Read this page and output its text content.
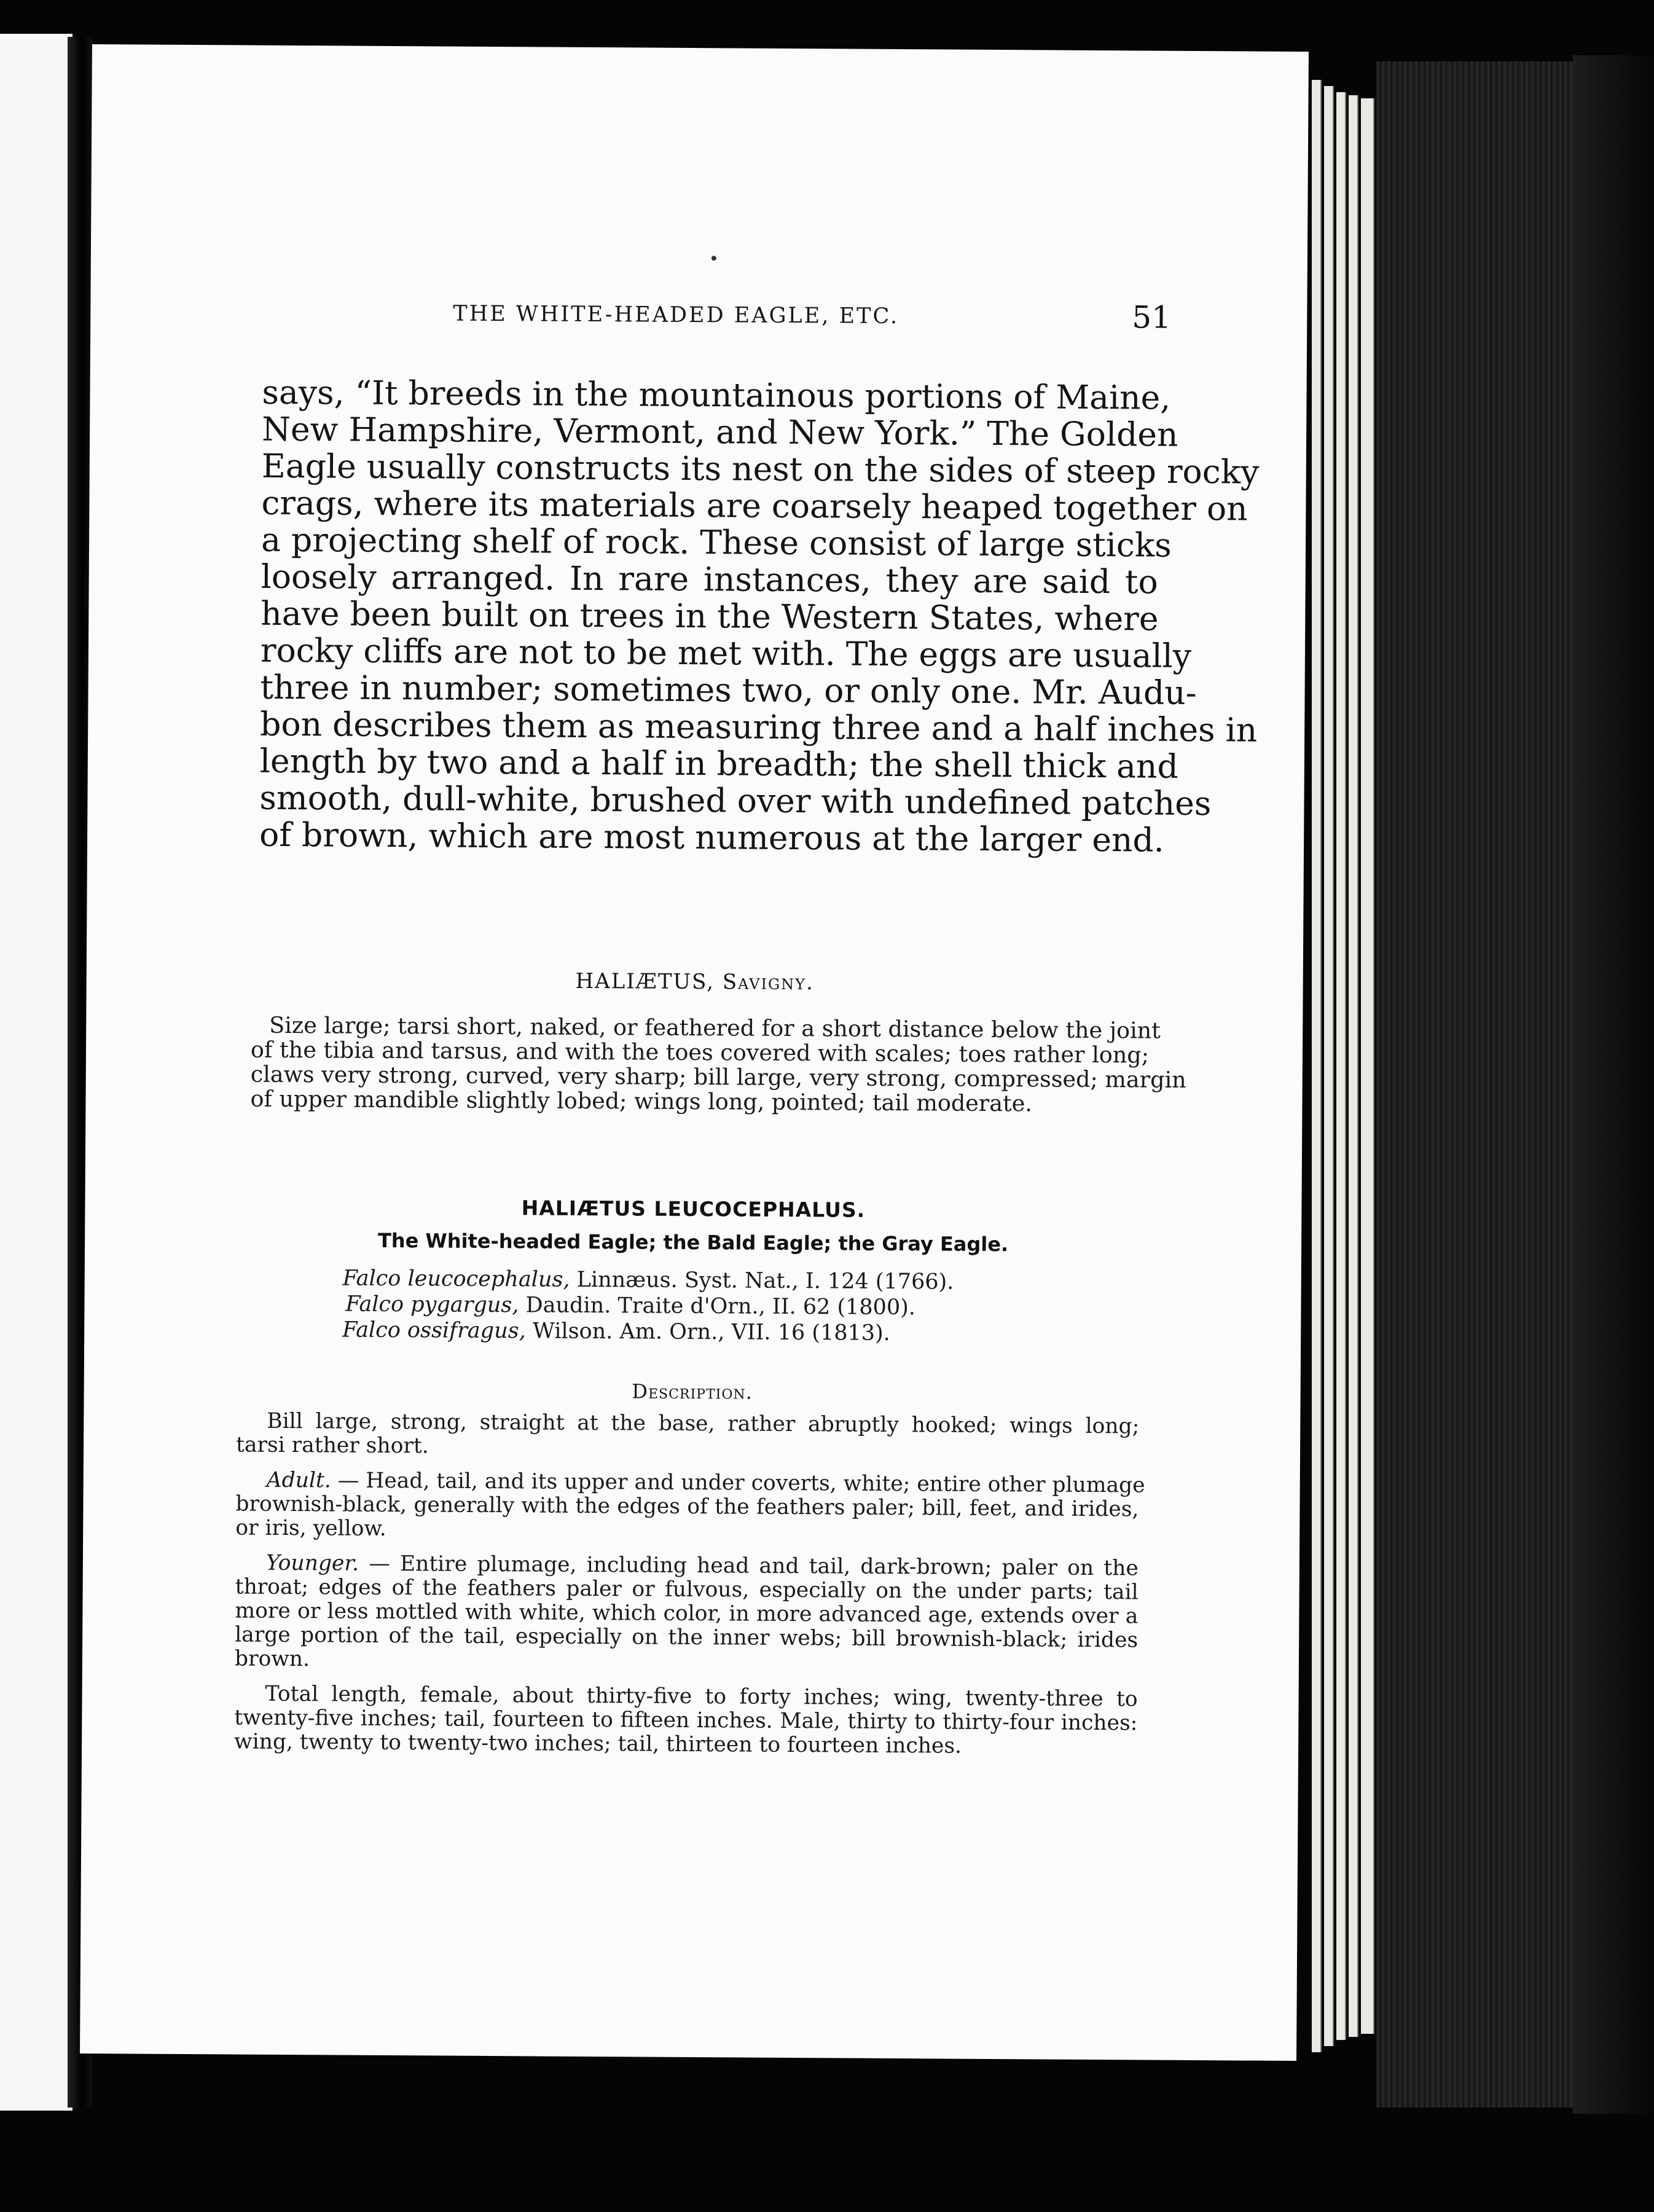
THE WHITE-HEADED EAGLE, ETC.	51
says, “It breeds in the mountainous portions of Maine,
New Hampshire, Vermont, and New York.” The Golden
Eagle usually constructs its nest on the sides of steep rocky
crags, where its materials are coarsely heaped together on
a projecting shelf of rock. These consist of large sticks
loosely arranged. In rare instances, they are said to
have been built on trees in the Western States, where
rocky cliffs are not to be met with. The eggs are usually
three in number; sometimes two, or only one. Mr. Audu-
bon describes them as measuring three and a half inches in
length by two and a half in breadth; the shell thick and
smooth, dull-white, brushed over with undefined patches
of brown, which are most numerous at the larger end.
HALIÆTUS, Savigny.
Size large; tarsi short, naked, or feathered for a short distance below the joint
of the tibia and tarsus, and with the toes covered with scales; toes rather long;
claws very strong, curved, very sharp; bill large, very strong, compressed; margin
of upper mandible slightly lobed; wings long, pointed; tail moderate.
HALIÆTUS LEUCOCEPHALUS.
The White-headed Eagle; the Bald Eagle; the Gray Eagle.
Falco leucocephalus, Linnæus. Syst. Nat., I. 124 (1766).
Falco pygargus, Daudin. Traite d'Orn., II. 62 (1800).
Falco ossifragus, Wilson. Am. Orn., VII. 16 (1813).
Description.

Bill large, strong, straight at the base, rather abruptly hooked; wings long;
tarsi rather short.

Adult. — Head, tail, and its upper and under coverts, white; entire other plumage
brownish-black, generally with the edges of the feathers paler; bill, feet, and irides,
or iris, yellow.

Younger. — Entire plumage, including head and tail, dark-brown; paler on the
throat; edges of the feathers paler or fulvous, especially on the under parts; tail
more or less mottled with white, which color, in more advanced age, extends over a
large portion of the tail, especially on the inner webs; bill brownish-black; irides
brown.

Total length, female, about thirty-five to forty inches; wing, twenty-three to
twenty-five inches; tail, fourteen to fifteen inches. Male, thirty to thirty-four inches:
wing, twenty to twenty-two inches; tail, thirteen to fourteen inches.
